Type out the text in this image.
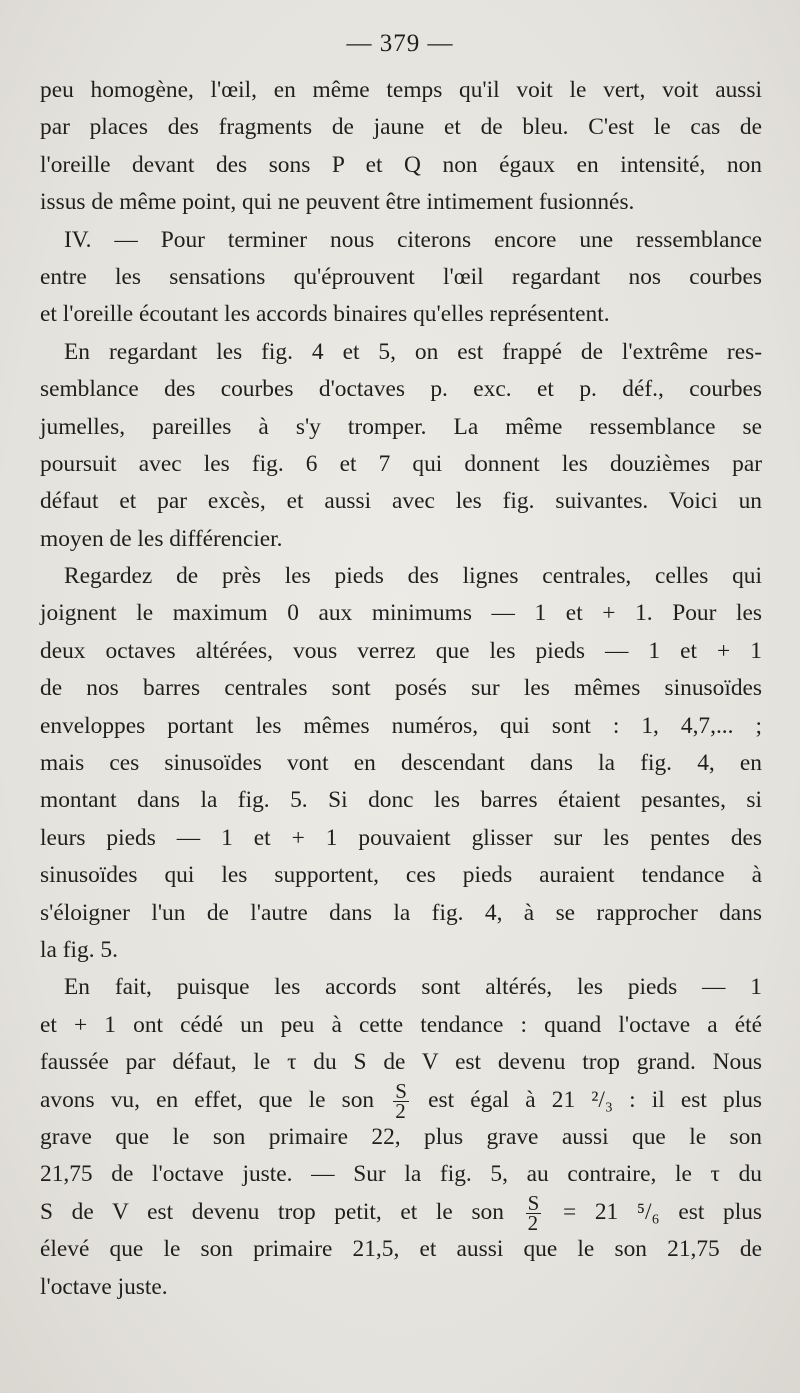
— 379 —
peu homogène, l'œil, en même temps qu'il voit le vert, voit aussi
par places des fragments de jaune et de bleu. C'est le cas de
l'oreille devant des sons P et Q non égaux en intensité, non
issus de même point, qui ne peuvent être intimement fusionnés.
IV. — Pour terminer nous citerons encore une ressemblance
entre les sensations qu'éprouvent l'œil regardant nos courbes
et l'oreille écoutant les accords binaires qu'elles représentent.
En regardant les fig. 4 et 5, on est frappé de l'extrême res-
semblance des courbes d'octaves p. exc. et p. déf., courbes
jumelles, pareilles à s'y tromper. La même ressemblance se
poursuit avec les fig. 6 et 7 qui donnent les douzièmes par
défaut et par excès, et aussi avec les fig. suivantes. Voici un
moyen de les différencier.
Regardez de près les pieds des lignes centrales, celles qui
joignent le maximum 0 aux minimums — 1 et + 1. Pour les
deux octaves altérées, vous verrez que les pieds — 1 et + 1
de nos barres centrales sont posés sur les mêmes sinusoïdes
enveloppes portant les mêmes numéros, qui sont : 1, 4,7,... ;
mais ces sinusoïdes vont en descendant dans la fig. 4, en
montant dans la fig. 5. Si donc les barres étaient pesantes, si
leurs pieds — 1 et + 1 pouvaient glisser sur les pentes des
sinusoïdes qui les supportent, ces pieds auraient tendance à
s'éloigner l'un de l'autre dans la fig. 4, à se rapprocher dans
la fig. 5.
En fait, puisque les accords sont altérés, les pieds — 1
et + 1 ont cédé un peu à cette tendance : quand l'octave a été
faussée par défaut, le τ du S de V est devenu trop grand. Nous
avons vu, en effet, que le son $\frac{S}{2}$ est égal à 21 ²/₃ : il est plus
grave que le son primaire 22, plus grave aussi que le son
21,75 de l'octave juste. — Sur la fig. 5, au contraire, le τ du
S de V est devenu trop petit, et le son $\frac{S}{2} = 21$ ⁵/₆ est plus
élevé que le son primaire 21,5, et aussi que le son 21,75 de
l'octave juste.
